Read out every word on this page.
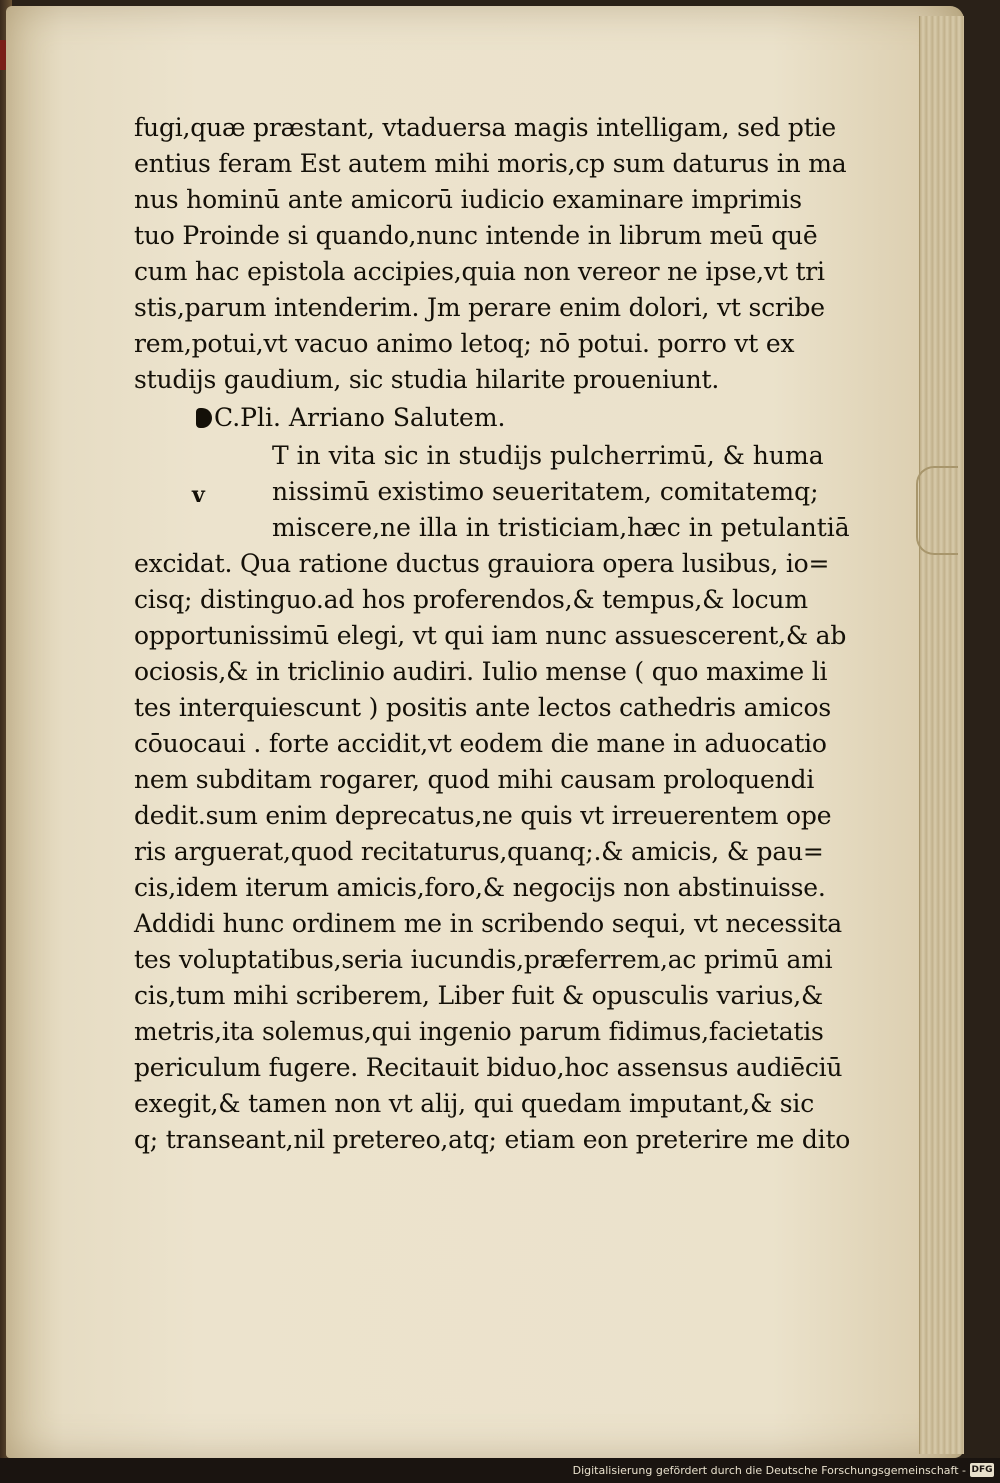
fugi,quæ præstant, vtaduersa magis intelligam, sed ptie
entius feram Est autem mihi moris,cp sum daturus in ma
nus hominū ante amicorū iudicio examinare imprimis
tuo Proinde si quando,nunc intende in librum meū quē
cum hac epistola accipies,quia non vereor ne ipse,vt tri
stis,parum intenderim. Jm perare enim dolori, vt scribe
rem,potui,vt vacuo animo letoq; nō potui. porro vt ex
studijs gaudium, sic studia hilarite proueniunt.
C.Pli. Arriano Salutem.
v
T in vita sic in studijs pulcherrimū, & huma
nissimū existimo seueritatem, comitatemq;
miscere,ne illa in tristiciam,hæc in petulantiā
excidat. Qua ratione ductus grauiora opera lusibus, io=
cisq; distinguo.ad hos proferendos,& tempus,& locum
opportunissimū elegi, vt qui iam nunc assuescerent,& ab
ociosis,& in triclinio audiri. Iulio mense ( quo maxime li
tes interquiescunt ) positis ante lectos cathedris amicos
cōuocaui . forte accidit,vt eodem die mane in aduocatio
nem subditam rogarer, quod mihi causam proloquendi
dedit.sum enim deprecatus,ne quis vt irreuerentem ope
ris arguerat,quod recitaturus,quanq;.& amicis, & pau=
cis,idem iterum amicis,foro,& negocijs non abstinuisse.
Addidi hunc ordinem me in scribendo sequi, vt necessita
tes voluptatibus,seria iucundis,præferrem,ac primū ami
cis,tum mihi scriberem, Liber fuit & opusculis varius,&
metris,ita solemus,qui ingenio parum fidimus,facietatis
periculum fugere. Recitauit biduo,hoc assensus audiēciū
exegit,& tamen non vt alij, qui quedam imputant,& sic
q; transeant,nil pretereo,atq; etiam eon preterire me dito
Digitalisierung gefördert durch die Deutsche Forschungsgemeinschaft - DFG
